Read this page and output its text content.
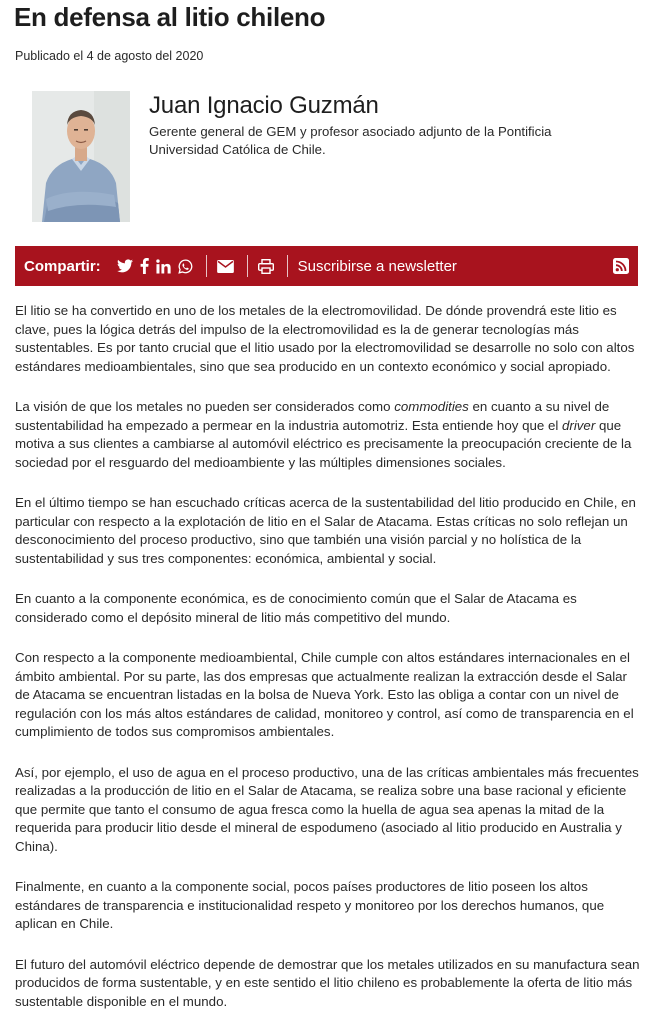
En defensa al litio chileno
Publicado el 4 de agosto del 2020
Juan Ignacio Guzmán
Gerente general de GEM y profesor asociado adjunto de la Pontificia Universidad Católica de Chile.
Compartir:	Suscribirse a newsletter

El litio se ha convertido en uno de los metales de la electromovilidad. De dónde provendrá este litio es clave, pues la lógica detrás del impulso de la electromovilidad es la de generar tecnologías más sustentables. Es por tanto crucial que el litio usado por la electromovilidad se desarrolle no solo con altos estándares medioambientales, sino que sea producido en un contexto económico y social apropiado.

La visión de que los metales no pueden ser considerados como commodities en cuanto a su nivel de sustentabilidad ha empezado a permear en la industria automotriz. Esta entiende hoy que el driver que motiva a sus clientes a cambiarse al automóvil eléctrico es precisamente la preocupación creciente de la sociedad por el resguardo del medioambiente y las múltiples dimensiones sociales.

En el último tiempo se han escuchado críticas acerca de la sustentabilidad del litio producido en Chile, en particular con respecto a la explotación de litio en el Salar de Atacama. Estas críticas no solo reflejan un desconocimiento del proceso productivo, sino que también una visión parcial y no holística de la sustentabilidad y sus tres componentes: económica, ambiental y social.

En cuanto a la componente económica, es de conocimiento común que el Salar de Atacama es considerado como el depósito mineral de litio más competitivo del mundo.

Con respecto a la componente medioambiental, Chile cumple con altos estándares internacionales en el ámbito ambiental. Por su parte, las dos empresas que actualmente realizan la extracción desde el Salar de Atacama se encuentran listadas en la bolsa de Nueva York. Esto las obliga a contar con un nivel de regulación con los más altos estándares de calidad, monitoreo y control, así como de transparencia en el cumplimiento de todos sus compromisos ambientales.

Así, por ejemplo, el uso de agua en el proceso productivo, una de las críticas ambientales más frecuentes realizadas a la producción de litio en el Salar de Atacama, se realiza sobre una base racional y eficiente que permite que tanto el consumo de agua fresca como la huella de agua sea apenas la mitad de la requerida para producir litio desde el mineral de espodumeno (asociado al litio producido en Australia y China).

Finalmente, en cuanto a la componente social, pocos países productores de litio poseen los altos estándares de transparencia e institucionalidad respeto y monitoreo por los derechos humanos, que aplican en Chile.

El futuro del automóvil eléctrico depende de demostrar que los metales utilizados en su manufactura sean producidos de forma sustentable, y en este sentido el litio chileno es probablemente la oferta de litio más sustentable disponible en el mundo.
